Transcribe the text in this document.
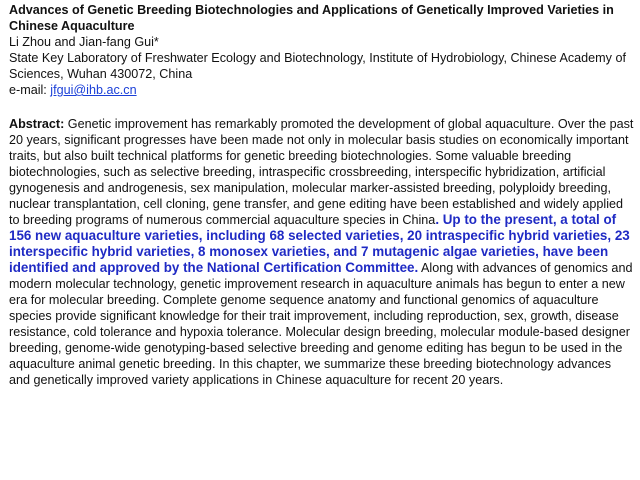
Advances of Genetic Breeding Biotechnologies and Applications of Genetically Improved Varieties in Chinese Aquaculture

Li Zhou and Jian-fang Gui*

State Key Laboratory of Freshwater Ecology and Biotechnology, Institute of Hydrobiology, Chinese Academy of Sciences, Wuhan 430072, China

e-mail: jfgui@ihb.ac.cn

Abstract: Genetic improvement has remarkably promoted the development of global aquaculture. Over the past 20 years, significant progresses have been made not only in molecular basis studies on economically important traits, but also built technical platforms for genetic breeding biotechnologies. Some valuable breeding biotechnologies, such as selective breeding, intraspecific crossbreeding, interspecific hybridization, artificial gynogenesis and androgenesis, sex manipulation, molecular marker-assisted breeding, polyploidy breeding, nuclear transplantation, cell cloning, gene transfer, and gene editing have been established and widely applied to breeding programs of numerous commercial aquaculture species in China. Up to the present, a total of 156 new aquaculture varieties, including 68 selected varieties, 20 intraspecific hybrid varieties, 23 interspecific hybrid varieties, 8 monosex varieties, and 7 mutagenic algae varieties, have been identified and approved by the National Certification Committee. Along with advances of genomics and modern molecular technology, genetic improvement research in aquaculture animals has begun to enter a new era for molecular breeding. Complete genome sequence anatomy and functional genomics of aquaculture species provide significant knowledge for their trait improvement, including reproduction, sex, growth, disease resistance, cold tolerance and hypoxia tolerance. Molecular design breeding, molecular module-based designer breeding, genome-wide genotyping-based selective breeding and genome editing has begun to be used in the aquaculture animal genetic breeding. In this chapter, we summarize these breeding biotechnology advances and genetically improved variety applications in Chinese aquaculture for recent 20 years.
